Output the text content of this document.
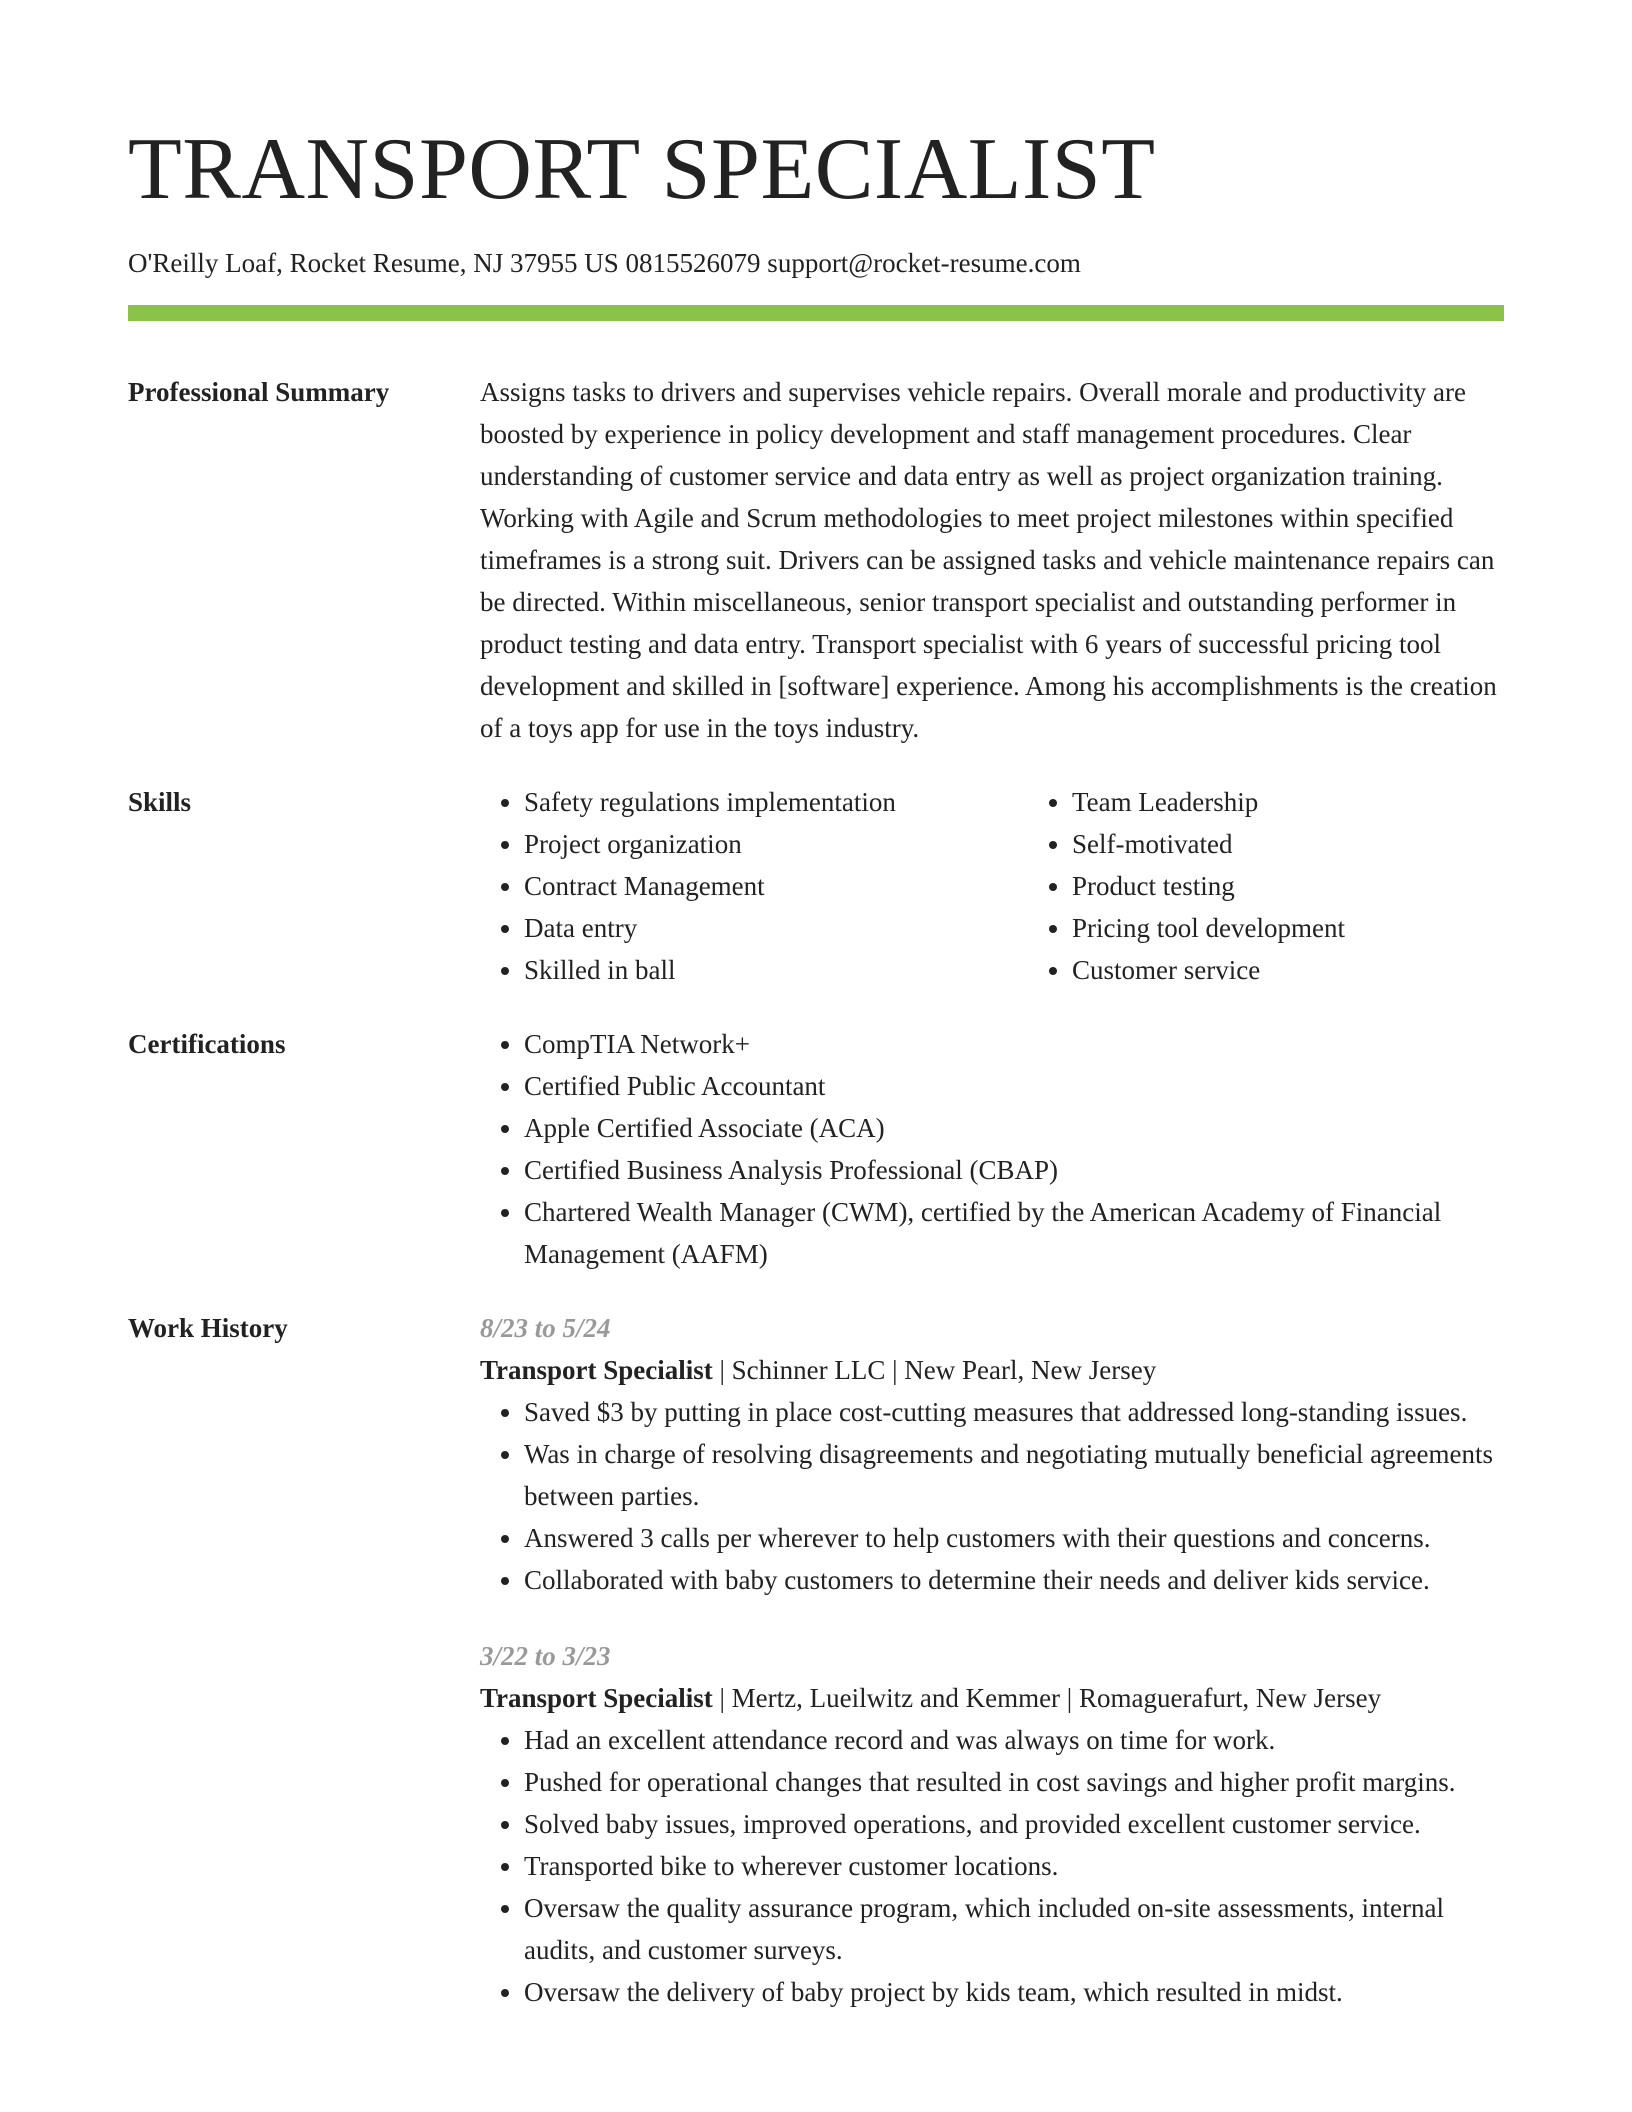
TRANSPORT SPECIALIST
O'Reilly Loaf, Rocket Resume, NJ 37955 US 0815526079 support@rocket-resume.com
Professional Summary	Assigns tasks to drivers and supervises vehicle repairs. Overall morale and productivity are boosted by experience in policy development and staff management procedures. Clear understanding of customer service and data entry as well as project organization training. Working with Agile and Scrum methodologies to meet project milestones within specified timeframes is a strong suit. Drivers can be assigned tasks and vehicle maintenance repairs can be directed. Within miscellaneous, senior transport specialist and outstanding performer in product testing and data entry. Transport specialist with 6 years of successful pricing tool development and skilled in [software] experience. Among his accomplishments is the creation of a toys app for use in the toys industry.

Skills	• Safety regulations implementation
• Project organization
• Contract Management
• Data entry
• Skilled in ball
• Team Leadership
• Self-motivated
• Product testing
• Pricing tool development
• Customer service
Certifications	• CompTIA Network+
• Certified Public Accountant
• Apple Certified Associate (ACA)
• Certified Business Analysis Professional (CBAP)
• Chartered Wealth Manager (CWM), certified by the American Academy of Financial Management (AAFM)
Work History	8/23 to 5/24
Transport Specialist | Schinner LLC | New Pearl, New Jersey
• Saved $3 by putting in place cost-cutting measures that addressed long-standing issues.
• Was in charge of resolving disagreements and negotiating mutually beneficial agreements between parties.
• Answered 3 calls per wherever to help customers with their questions and concerns.
• Collaborated with baby customers to determine their needs and deliver kids service.
3/22 to 3/23
Transport Specialist | Mertz, Lueilwitz and Kemmer | Romaguerafurt, New Jersey
• Had an excellent attendance record and was always on time for work.
• Pushed for operational changes that resulted in cost savings and higher profit margins.
• Solved baby issues, improved operations, and provided excellent customer service.
• Transported bike to wherever customer locations.
• Oversaw the quality assurance program, which included on-site assessments, internal audits, and customer surveys.
• Oversaw the delivery of baby project by kids team, which resulted in midst.
